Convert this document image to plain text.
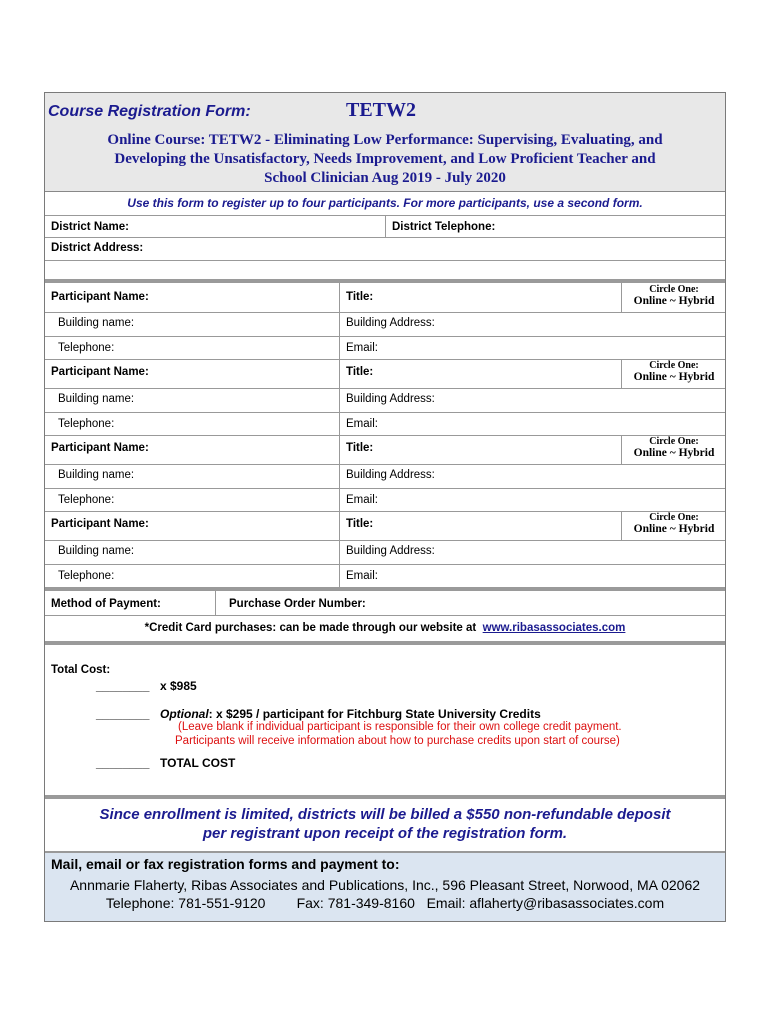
Course Registration Form:	TETW2
Online Course: TETW2 - Eliminating Low Performance: Supervising, Evaluating, and
Developing the Unsatisfactory, Needs Improvement, and Low Proficient Teacher and
School Clinician Aug 2019 - July 2020
Use this form to register up to four participants. For more participants, use a second form.
District Name:	District Telephone:
District Address:
Participant Name:	Title:
Circle One:
Online ~ Hybrid
Building name:	Building Address:
Telephone:	Email:
Participant Name:	Title:
Circle One:
Online ~ Hybrid
Building name:	Building Address:
Telephone:	Email:
Participant Name:	Title:
Circle One:
Online ~ Hybrid
Building name:	Building Address:
Telephone:	Email:
Participant Name:	Title:
Circle One:
Online ~ Hybrid
Building name:	Building Address:
Telephone:	Email:
Method of Payment:	Purchase Order Number:
*Credit Card purchases: can be made through our website at www.ribasassociates.com
Total Cost:
________ x $985
________ Optional: x $295 / participant for Fitchburg State University Credits
(Leave blank if individual participant is responsible for their own college credit payment.
Participants will receive information about how to purchase credits upon start of course)
________ TOTAL COST
Since enrollment is limited, districts will be billed a $550 non-refundable deposit
per registrant upon receipt of the registration form.
Mail, email or fax registration forms and payment to:
Annmarie Flaherty, Ribas Associates and Publications, Inc., 596 Pleasant Street, Norwood, MA 02062
Telephone: 781-551-9120 Fax: 781-349-8160 Email: aflaherty@ribasassociates.com
